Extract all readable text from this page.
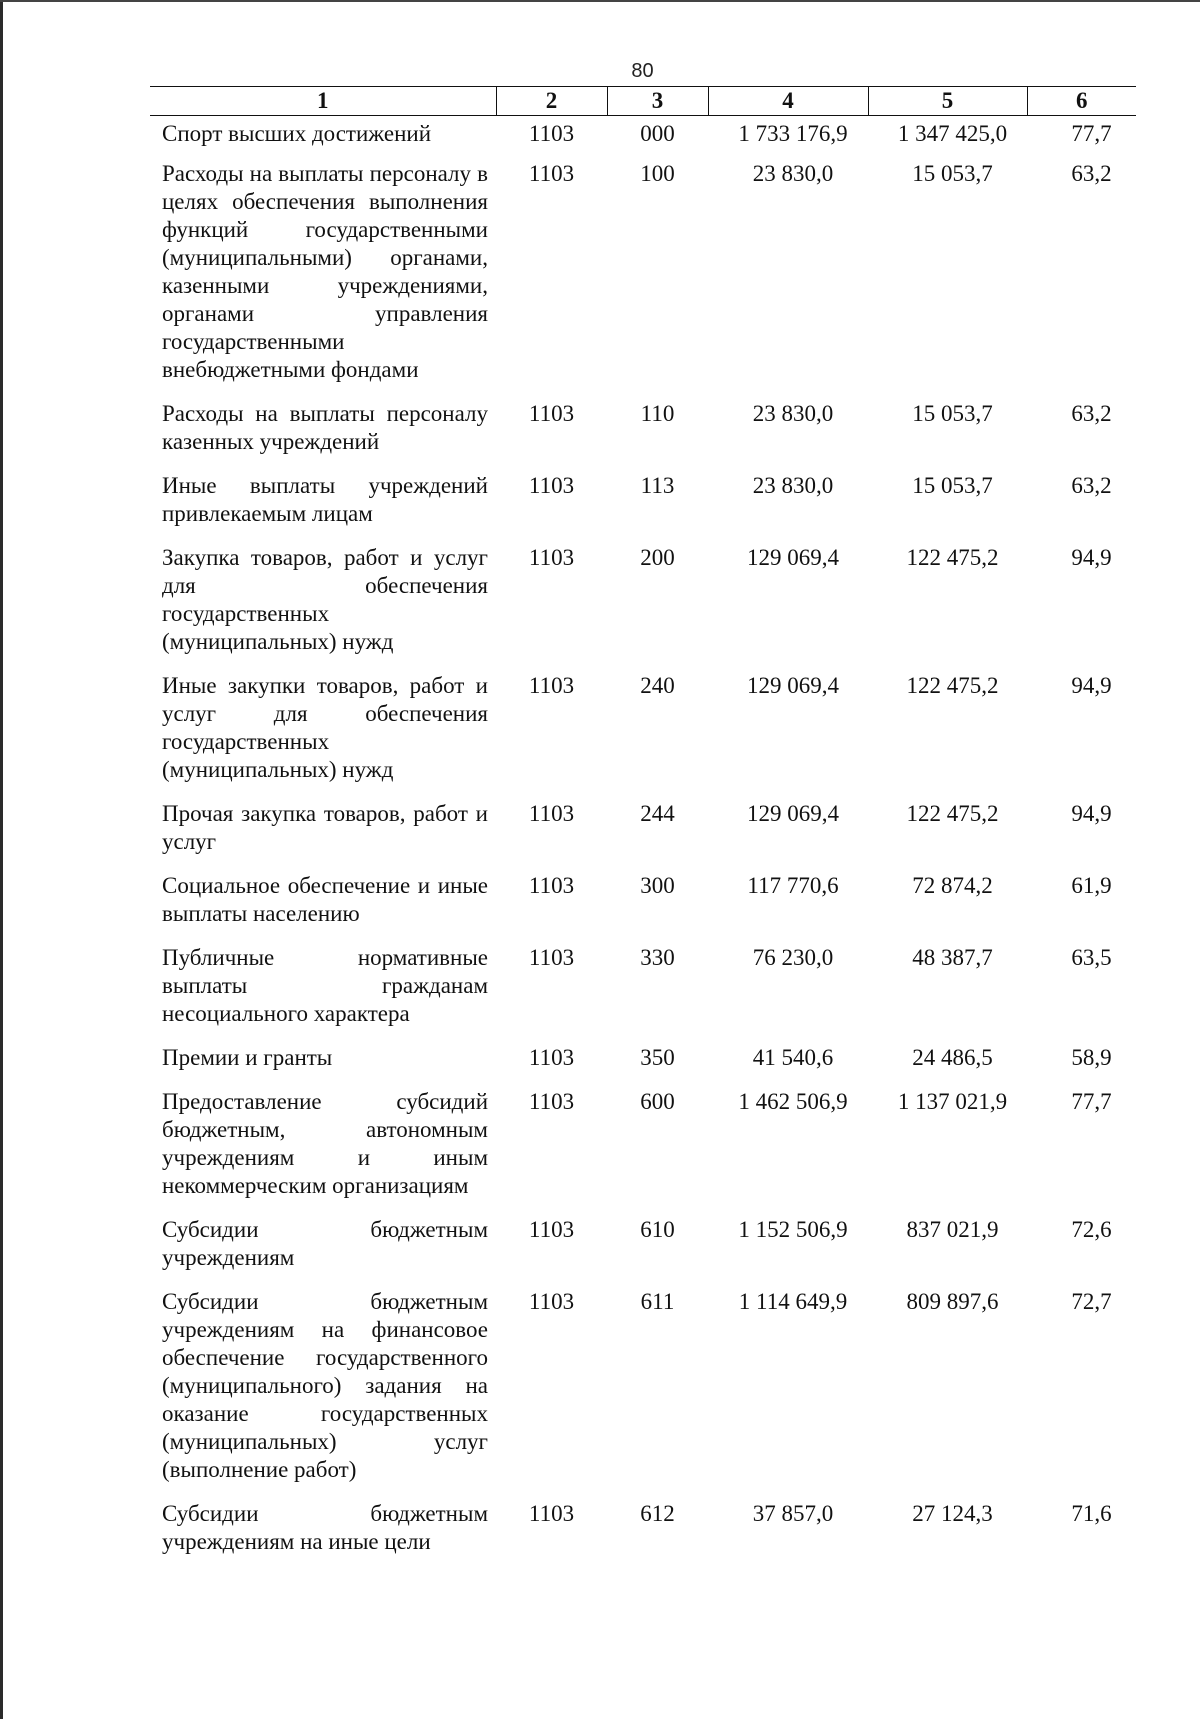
80
1	2	3	4	5	6
Спорт высших достижений	1103	000	1 733 176,9	1 347 425,0	77,7
Расходы на выплаты персоналу в целях обеспечения выполнения функций государственными (муниципальными) органами, казенными учреждениями, органами управления государственными внебюджетными фондами	1103	100	23 830,0	15 053,7	63,2
Расходы на выплаты персоналу казенных учреждений	1103	110	23 830,0	15 053,7	63,2
Иные выплаты учреждений привлекаемым лицам	1103	113	23 830,0	15 053,7	63,2
Закупка товаров, работ и услуг для обеспечения государственных (муниципальных) нужд	1103	200	129 069,4	122 475,2	94,9
Иные закупки товаров, работ и услуг для обеспечения государственных (муниципальных) нужд	1103	240	129 069,4	122 475,2	94,9
Прочая закупка товаров, работ и услуг	1103	244	129 069,4	122 475,2	94,9
Социальное обеспечение и иные выплаты населению	1103	300	117 770,6	72 874,2	61,9
Публичные нормативные выплаты гражданам несоциального характера	1103	330	76 230,0	48 387,7	63,5
Премии и гранты	1103	350	41 540,6	24 486,5	58,9
Предоставление субсидий бюджетным, автономным учреждениям и иным некоммерческим организациям	1103	600	1 462 506,9	1 137 021,9	77,7
Субсидии бюджетным учреждениям	1103	610	1 152 506,9	837 021,9	72,6
Субсидии бюджетным учреждениям на финансовое обеспечение государственного (муниципального) задания на оказание государственных (муниципальных) услуг (выполнение работ)	1103	611	1 114 649,9	809 897,6	72,7
Субсидии бюджетным учреждениям на иные цели	1103	612	37 857,0	27 124,3	71,6
